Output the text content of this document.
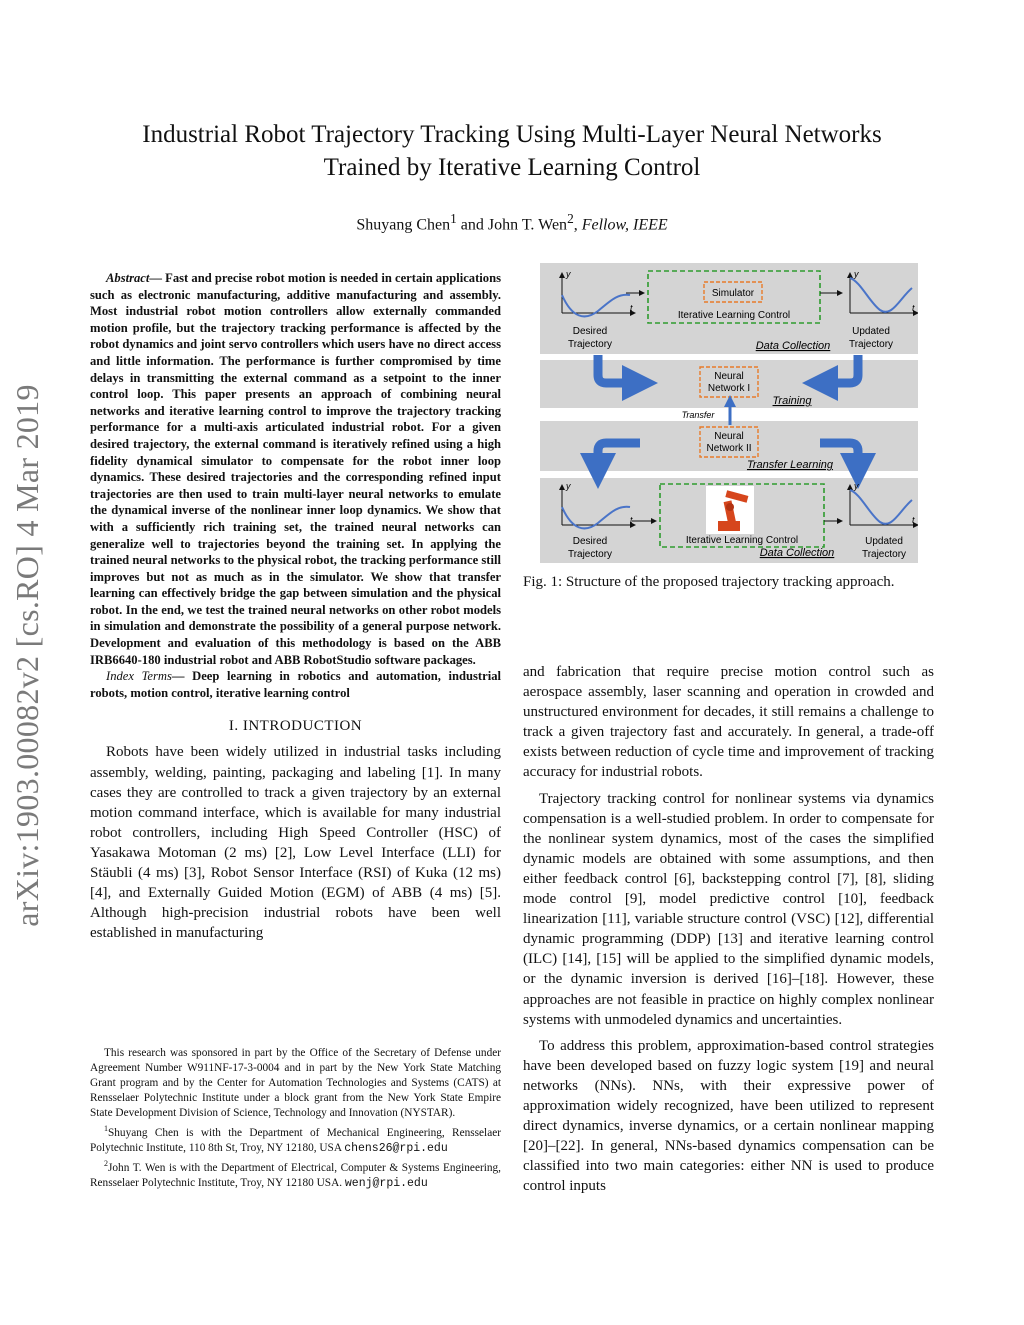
arXiv:1903.00082v2 [cs.RO] 4 Mar 2019
Industrial Robot Trajectory Tracking Using Multi-Layer Neural Networks
Trained by Iterative Learning Control
Shuyang Chen$^1$ and John T. Wen$^2$, Fellow, IEEE

Abstract— Fast and precise robot motion is needed in certain applications such as electronic manufacturing, additive manufacturing and assembly. Most industrial robot motion controllers allow externally commanded motion profile, but the trajectory tracking performance is affected by the robot dynamics and joint servo controllers which users have no direct access and little information. The performance is further compromised by time delays in transmitting the external command as a setpoint to the inner control loop. This paper presents an approach of combining neural networks and iterative learning control to improve the trajectory tracking performance for a multi-axis articulated industrial robot. For a given desired trajectory, the external command is iteratively refined using a high fidelity dynamical simulator to compensate for the robot inner loop dynamics. These desired trajectories and the corresponding refined input trajectories are then used to train multi-layer neural networks to emulate the dynamical inverse of the nonlinear inner loop dynamics. We show that with a sufficiently rich training set, the trained neural networks can generalize well to trajectories beyond the training set. In applying the trained neural networks to the physical robot, the tracking performance still improves but not as much as in the simulator. We show that transfer learning can effectively bridge the gap between simulation and the physical robot. In the end, we test the trained neural networks on other robot models in simulation and demonstrate the possibility of a general purpose network. Development and evaluation of this methodology is based on the ABB IRB6640-180 industrial robot and ABB RobotStudio software packages.

Index Terms— Deep learning in robotics and automation, industrial robots, motion control, iterative learning control

I. INTRODUCTION

Robots have been widely utilized in industrial tasks including assembly, welding, painting, packaging and labeling [1]. In many cases they are controlled to track a given trajectory by an external motion command interface, which is available for many industrial robot controllers, including High Speed Controller (HSC) of Yasakawa Motoman (2 ms) [2], Low Level Interface (LLI) for Stäubli (4 ms) [3], Robot Sensor Interface (RSI) of Kuka (12 ms) [4], and Externally Guided Motion (EGM) of ABB (4 ms) [5]. Although high-precision industrial robots have been well established in manufacturing

This research was sponsored in part by the Office of the Secretary of Defense under Agreement Number W911NF-17-3-0004 and in part by the New York State Matching Grant program and by the Center for Automation Technologies and Systems (CATS) at Rensselaer Polytechnic Institute under a block grant from the New York State Empire State Development Division of Science, Technology and Innovation (NYSTAR).

$^1$Shuyang Chen is with the Department of Mechanical Engineering, Rensselaer Polytechnic Institute, 110 8th St, Troy, NY 12180, USA chens26@rpi.edu

$^2$John T. Wen is with the Department of Electrical, Computer & Systems Engineering, Rensselaer Polytechnic Institute, Troy, NY 12180 USA. wenj@rpi.edu

y
t
Desired
Trajectory
Simulator
Iterative Learning Control
Data Collection
y
t
Updated
Trajectory
Neural
Network I
Training
Transfer
Neural
Network II
Transfer Learning
y
t
Desired
Trajectory
Iterative Learning Control
Data Collection
y
t
Updated
Trajectory

Fig. 1: Structure of the proposed trajectory tracking approach.

and fabrication that require precise motion control such as aerospace assembly, laser scanning and operation in crowded and unstructured environment for decades, it still remains a challenge to track a given trajectory fast and accurately. In general, a trade-off exists between reduction of cycle time and improvement of tracking accuracy for industrial robots.

Trajectory tracking control for nonlinear systems via dynamics compensation is a well-studied problem. In order to compensate for the nonlinear system dynamics, most of the cases the simplified dynamic models are obtained with some assumptions, and then either feedback control [6], backstepping control [7], [8], sliding mode control [9], model predictive control [10], feedback linearization [11], variable structure control (VSC) [12], differential dynamic programming (DDP) [13] and iterative learning control (ILC) [14], [15] will be applied to the simplified dynamic models, or the dynamic inversion is derived [16]–[18]. However, these approaches are not feasible in practice on highly complex nonlinear systems with unmodeled dynamics and uncertainties.

To address this problem, approximation-based control strategies have been developed based on fuzzy logic system [19] and neural networks (NNs). NNs, with their expressive power of approximation widely recognized, have been utilized to represent direct dynamics, inverse dynamics, or a certain nonlinear mapping [20]–[22]. In general, NNs-based dynamics compensation can be classified into two main categories: either NN is used to produce control inputs
